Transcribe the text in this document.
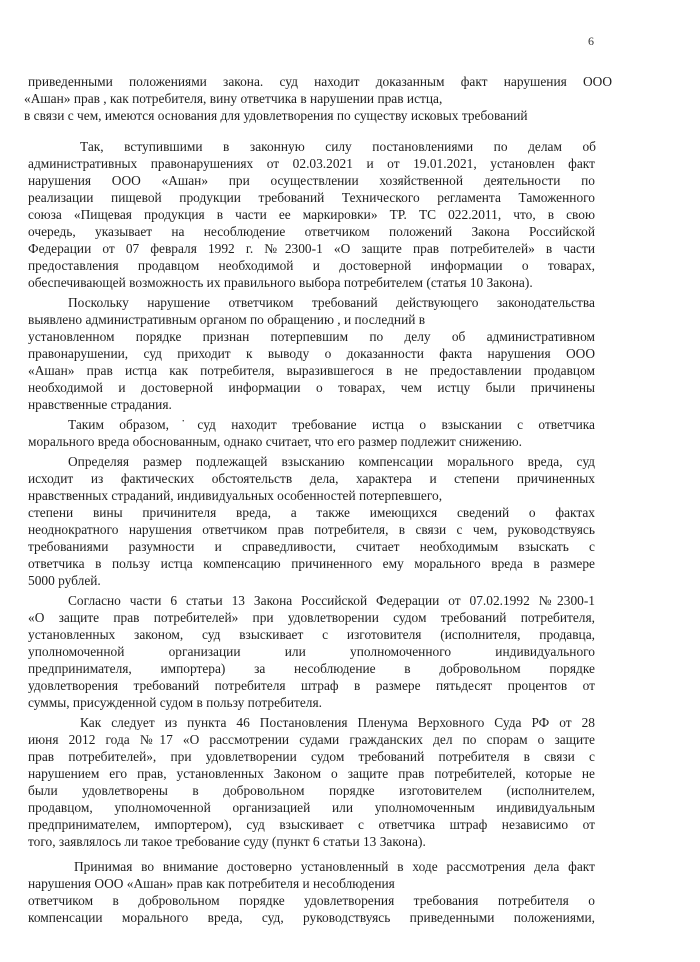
6

приведенными положениями закона. суд находит доказанным факт нарушения ООО

«Ашан» прав , как потребителя, вину ответчика в нарушении прав истца,

в связи с чем, имеются основания для удовлетворения по существу исковых требований

Так, вступившими в законную силу постановлениями по делам об

административных правонарушениях от 02.03.2021 и от 19.01.2021, установлен факт

нарушения ООО «Ашан» при осуществлении хозяйственной деятельности по

реализации пищевой продукции требований Технического регламента Таможенного

союза «Пищевая продукция в части ее маркировки» ТР. ТС 022.2011, что, в свою

очередь, указывает на несоблюдение ответчиком положений Закона Российской

Федерации от 07 февраля 1992 г. №2300-1 «О защите прав потребителей» в части

предоставления продавцом необходимой и достоверной информации о товарах,

обеспечивающей возможность их правильного выбора потребителем (статья 10 Закона).

Поскольку нарушение ответчиком требований действующего законодательства

выявлено административным органом по обращению , и последний в

установленном порядке признан потерпевшим по делу об административном

правонарушении, суд приходит к выводу о доказанности факта нарушения ООО

«Ашан» прав истца как потребителя, выразившегося в не предоставлении продавцом

необходимой и достоверной информации о товарах, чем истцу были причинены

нравственные страдания.

Таким образом,˙суд находит требование истца о взыскании с ответчика

морального вреда обоснованным, однако считает, что его размер подлежит снижению.

Определяя размер подлежащей взысканию компенсации морального вреда, суд

исходит из фактических обстоятельств дела, характера и степени причиненных

нравственных страданий, индивидуальных особенностей потерпевшего,

степени вины причинителя вреда, а также имеющихся сведений о фактах

неоднократного нарушения ответчиком прав потребителя, в связи с чем, руководствуясь

требованиями разумности и справедливости, считает необходимым взыскать с

ответчика в пользу истца компенсацию причиненного ему морального вреда в размере

5000 рублей.

Согласно части 6 статьи 13 Закона Российской Федерации от 07.02.1992 №2300-1

«О защите прав потребителей» при удовлетворении судом требований потребителя,

установленных законом, суд взыскивает с изготовителя (исполнителя, продавца,

уполномоченной организации или уполномоченного индивидуального

предпринимателя, импортера) за несоблюдение в добровольном порядке

удовлетворения требований потребителя штраф в размере пятьдесят процентов от

суммы, присужденной судом в пользу потребителя.

Как следует из пункта 46 Постановления Пленума Верховного Суда РФ от 28

июня 2012 года №17 «О рассмотрении судами гражданских дел по спорам о защите

прав потребителей», при удовлетворении судом требований потребителя в связи с

нарушением его прав, установленных Законом о защите прав потребителей, которые не

были удовлетворены в добровольном порядке изготовителем (исполнителем,

продавцом, уполномоченной организацией или уполномоченным индивидуальным

предпринимателем, импортером), суд взыскивает с ответчика штраф независимо от

того, заявлялось ли такое требование суду (пункт 6 статьи 13 Закона).

Принимая во внимание достоверно установленный в ходе рассмотрения дела факт

нарушения ООО «Ашан» прав как потребителя и несоблюдения

ответчиком в добровольном порядке удовлетворения требования потребителя о

компенсации морального вреда, суд, руководствуясь приведенными положениями,
